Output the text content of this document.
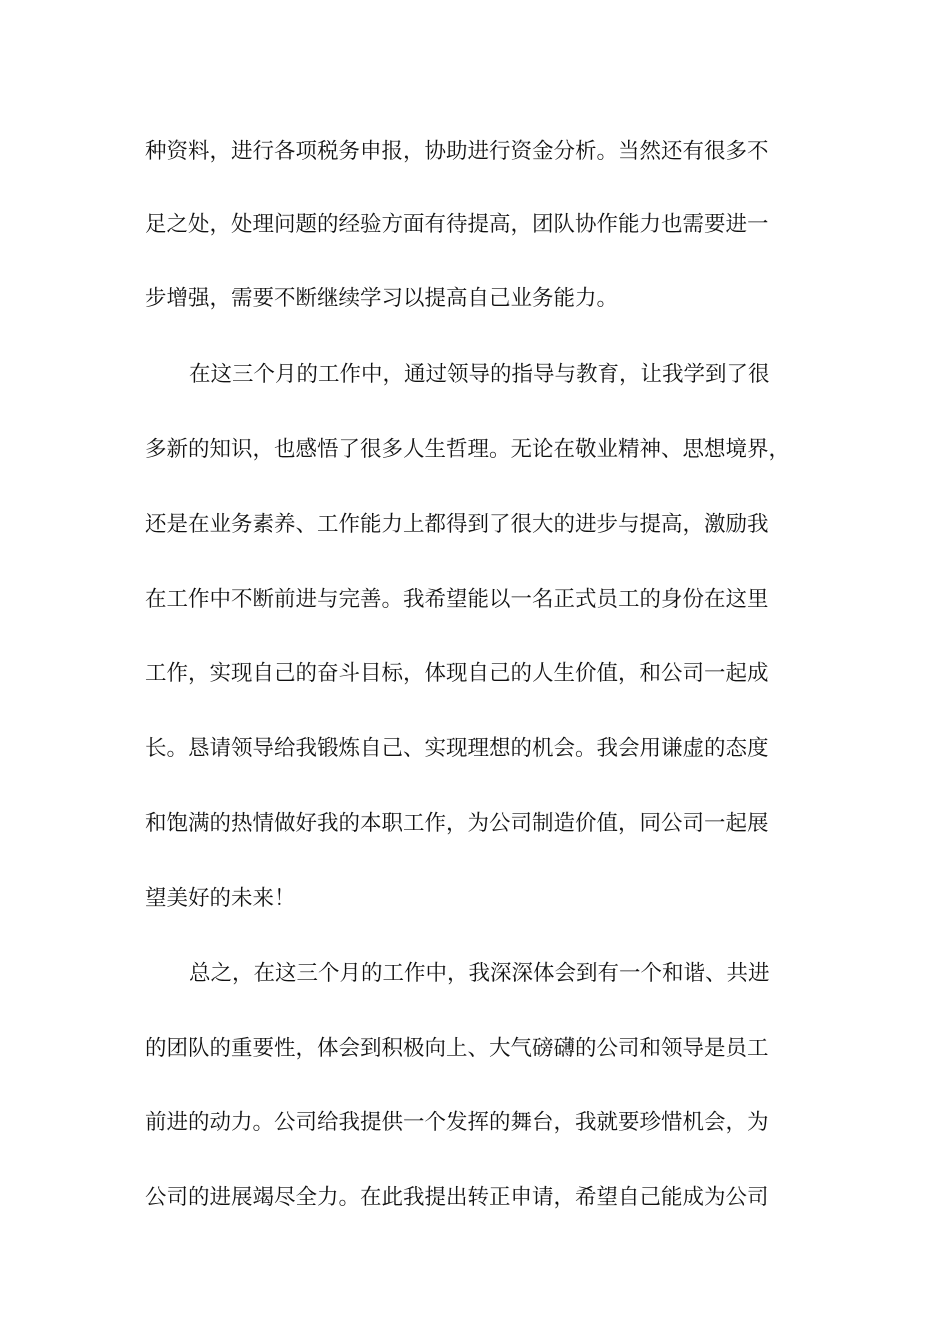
种资料，进行各项税务申报，协助进行资金分析。当然还有很多不
足之处，处理问题的经验方面有待提高，团队协作能力也需要进一
步增强，需要不断继续学习以提高自己业务能力。
在这三个月的工作中，通过领导的指导与教育，让我学到了很
多新的知识，也感悟了很多人生哲理。无论在敬业精神、思想境界，
还是在业务素养、工作能力上都得到了很大的进步与提高，激励我
在工作中不断前进与完善。我希望能以一名正式员工的身份在这里
工作，实现自己的奋斗目标，体现自己的人生价值，和公司一起成
长。恳请领导给我锻炼自己、实现理想的机会。我会用谦虚的态度
和饱满的热情做好我的本职工作，为公司制造价值，同公司一起展
望美好的未来！
总之，在这三个月的工作中，我深深体会到有一个和谐、共进
的团队的重要性，体会到积极向上、大气磅礴的公司和领导是员工
前进的动力。公司给我提供一个发挥的舞台，我就要珍惜机会，为
公司的进展竭尽全力。在此我提出转正申请，希望自己能成为公司
